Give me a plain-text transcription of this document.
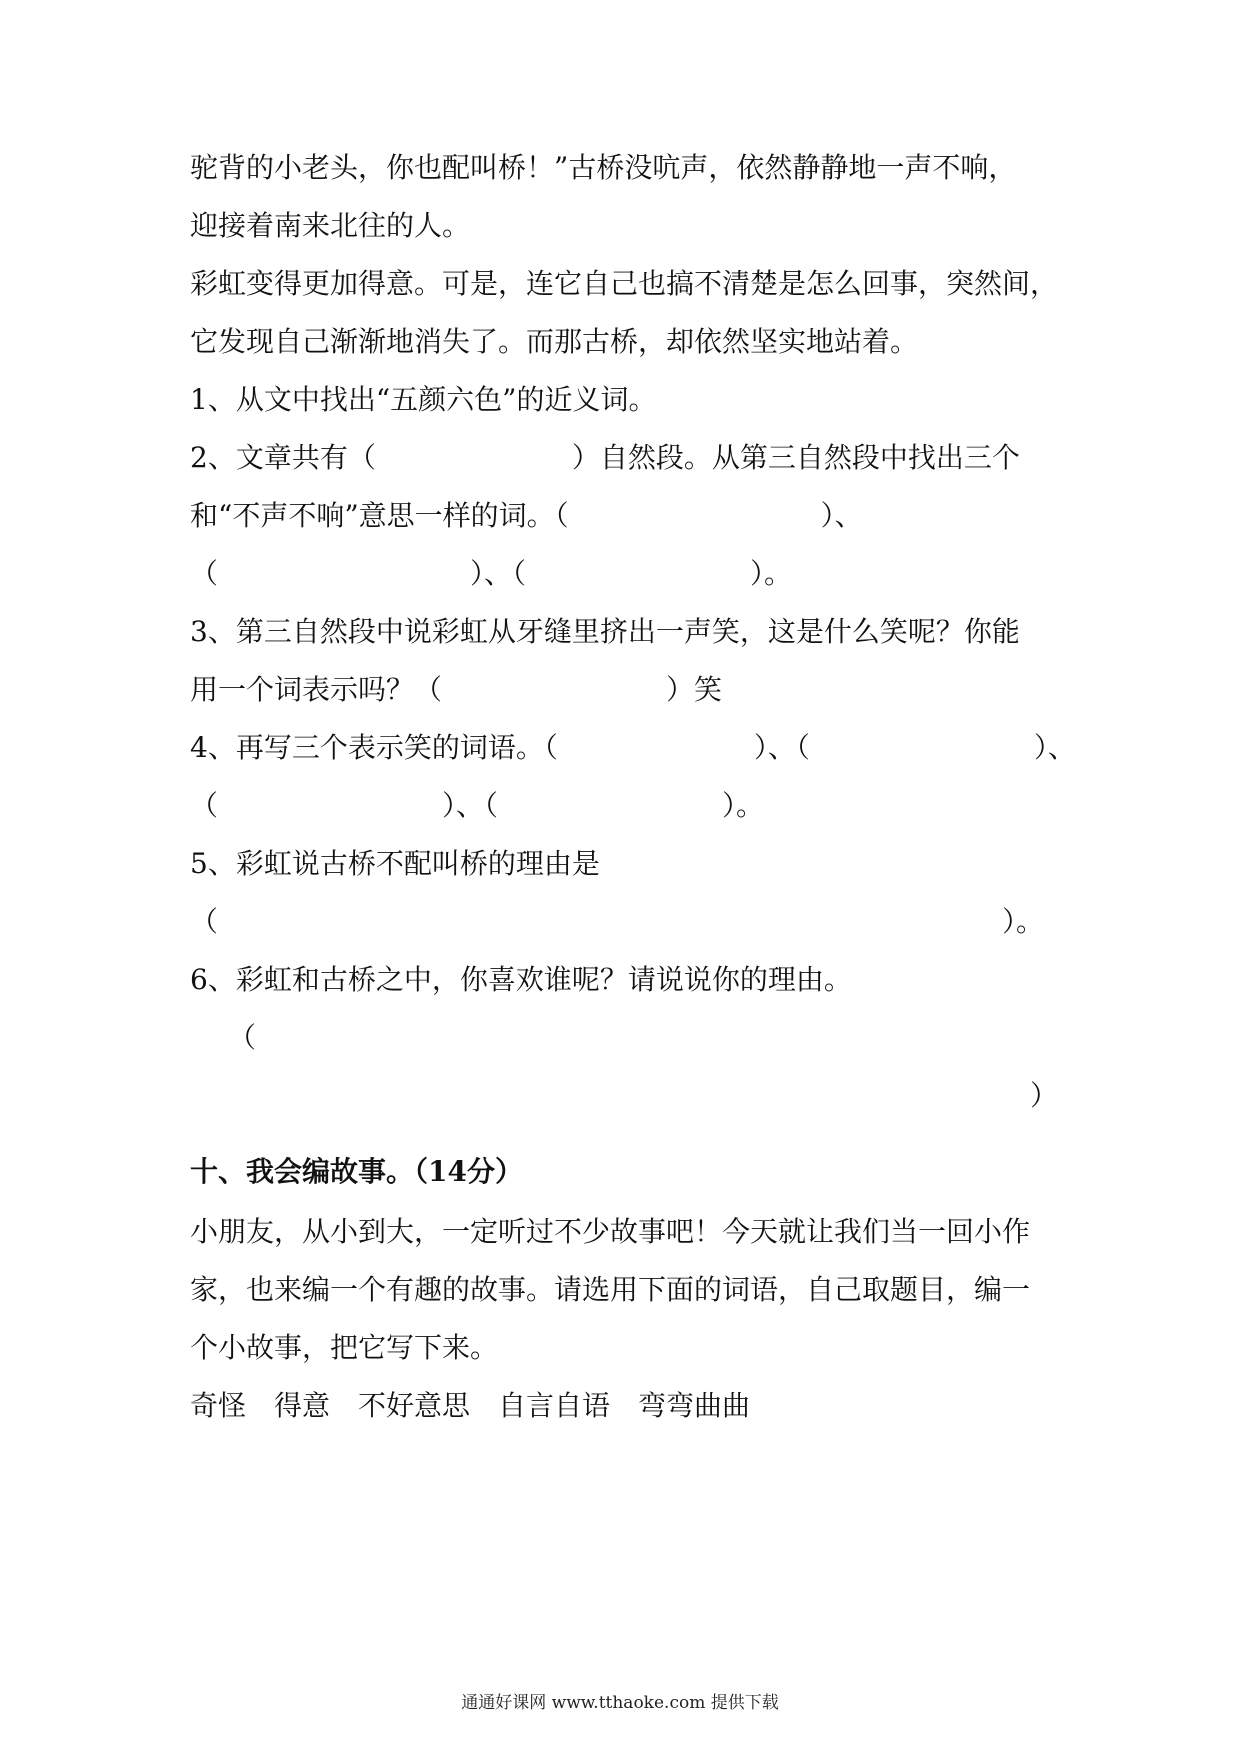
驼背的小老头，你也配叫桥！”古桥没吭声，依然静静地一声不响，
迎接着南来北往的人。
彩虹变得更加得意。可是，连它自己也搞不清楚是怎么回事，突然间，
它发现自己渐渐地消失了。而那古桥，却依然坚实地站着。
1、从文中找出“五颜六色”的近义词。
2、文章共有（　　　　　　　）自然段。从第三自然段中找出三个
和“不声不响”意思一样的词。（　　　　　　　　　）、
（　　　　　　　　　）、（　　　　　　　　）。
3、第三自然段中说彩虹从牙缝里挤出一声笑，这是什么笑呢？你能
用一个词表示吗？（　　　　　　　　）笑
4、再写三个表示笑的词语。（　　　　　　　）、（　　　　　　　　）、
（　　　　　　　　）、（　　　　　　　　）。
5、彩虹说古桥不配叫桥的理由是
（　　　　　　　　　　　　　　　　　　　　　　　　　　　　）。
6、彩虹和古桥之中，你喜欢谁呢？请说说你的理由。
（
）
十、我会编故事。（14分）
小朋友，从小到大，一定听过不少故事吧！今天就让我们当一回小作
家，也来编一个有趣的故事。请选用下面的词语，自己取题目，编一
个小故事，把它写下来。
奇怪　得意　不好意思　自言自语　弯弯曲曲
通通好课网 www.tthaoke.com 提供下载
